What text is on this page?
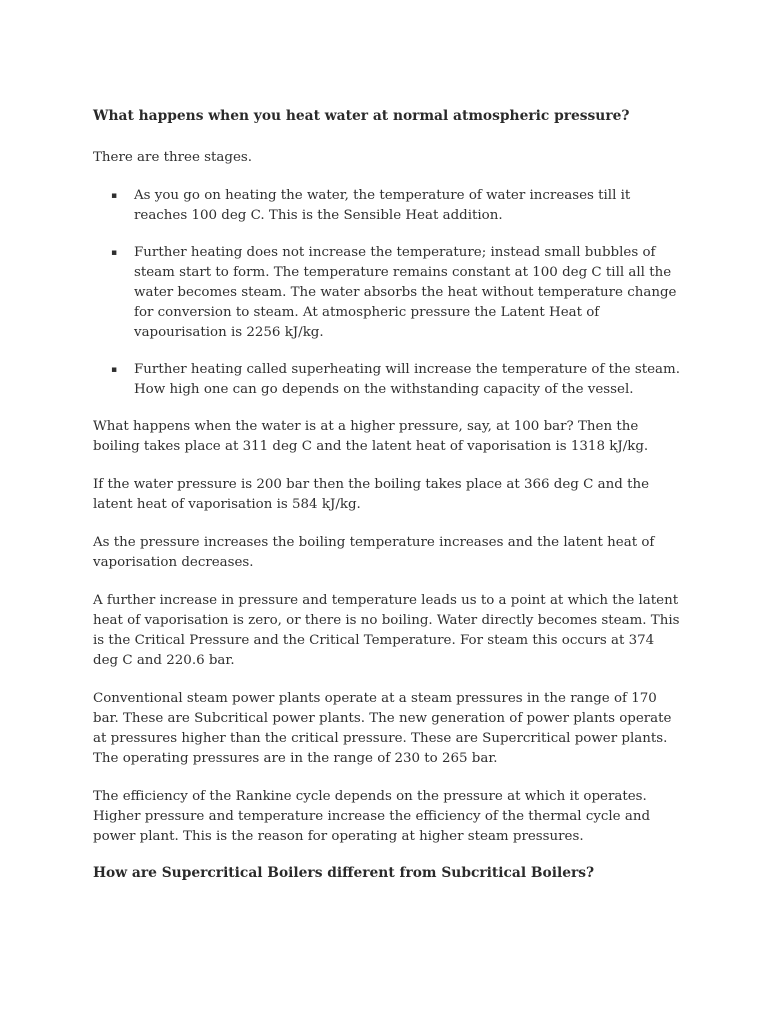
What happens when you heat water at normal atmospheric pressure?

There are three stages.

▪ As you go on heating the water, the temperature of water increases till it reaches 100 deg C. This is the Sensible Heat addition.
▪ Further heating does not increase the temperature; instead small bubbles of steam start to form. The temperature remains constant at 100 deg C till all the water becomes steam. The water absorbs the heat without temperature change for conversion to steam. At atmospheric pressure the Latent Heat of vapourisation is 2256 kJ/kg.
▪ Further heating called superheating will increase the temperature of the steam. How high one can go depends on the withstanding capacity of the vessel.

What happens when the water is at a higher pressure, say, at 100 bar? Then the boiling takes place at 311 deg C and the latent heat of vaporisation is 1318 kJ/kg.

If the water pressure is 200 bar then the boiling takes place at 366 deg C and the latent heat of vaporisation is 584 kJ/kg.

As the pressure increases the boiling temperature increases and the latent heat of vaporisation decreases.

A further increase in pressure and temperature leads us to a point at which the latent heat of vaporisation is zero, or there is no boiling. Water directly becomes steam. This is the Critical Pressure and the Critical Temperature. For steam this occurs at 374 deg C and 220.6 bar.

Conventional steam power plants operate at a steam pressures in the range of 170 bar. These are Subcritical power plants. The new generation of power plants operate at pressures higher than the critical pressure. These are Supercritical power plants. The operating pressures are in the range of 230 to 265 bar.

The efficiency of the Rankine cycle depends on the pressure at which it operates. Higher pressure and temperature increase the efficiency of the thermal cycle and power plant. This is the reason for operating at higher steam pressures.

How are Supercritical Boilers different from Subcritical Boilers?
